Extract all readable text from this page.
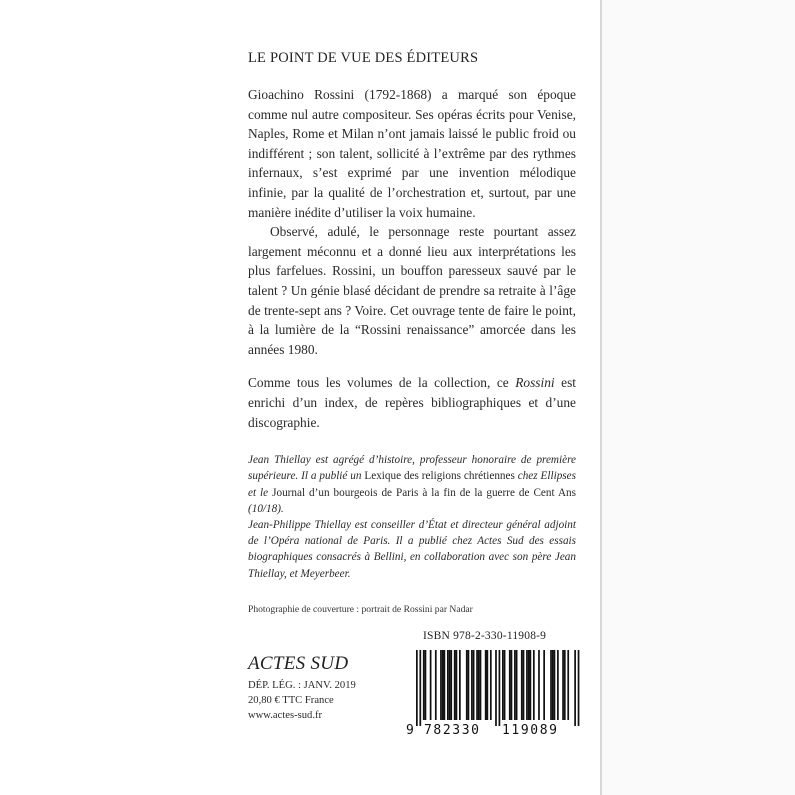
LE POINT DE VUE DES ÉDITEURS

Gioachino Rossini (1792-1868) a marqué son époque comme nul autre compositeur. Ses opéras écrits pour Venise, Naples, Rome et Milan n’ont jamais laissé le public froid ou indifférent ; son talent, sollicité à l’extrême par des rythmes infernaux, s’est exprimé par une invention mélodique infinie, par la qualité de l’orchestration et, surtout, par une manière inédite d’utiliser la voix humaine.

Observé, adulé, le personnage reste pourtant assez largement méconnu et a donné lieu aux interprétations les plus farfelues. Rossini, un bouffon paresseux sauvé par le talent ? Un génie blasé décidant de prendre sa retraite à l’âge de trente-sept ans ? Voire. Cet ouvrage tente de faire le point, à la lumière de la “Rossini renaissance” amorcée dans les années 1980.

Comme tous les volumes de la collection, ce Rossini est enrichi d’un index, de repères bibliographiques et d’une discographie.

Jean Thiellay est agrégé d’histoire, professeur honoraire de première supérieure. Il a publié un Lexique des religions chrétiennes chez Ellipses et le Journal d’un bourgeois de Paris à la fin de la guerre de Cent Ans (10/18).

Jean-Philippe Thiellay est conseiller d’État et directeur général adjoint de l’Opéra national de Paris. Il a publié chez Actes Sud des essais biographiques consacrés à Bellini, en collaboration avec son père Jean Thiellay, et Meyerbeer.

Photographie de couverture : portrait de Rossini par Nadar
ACTES SUD
DÉP. LÉG. : JANV. 2019
20,80 € TTC France
www.actes-sud.fr
ISBN 978-2-330-11908-9
9 782330 119089
